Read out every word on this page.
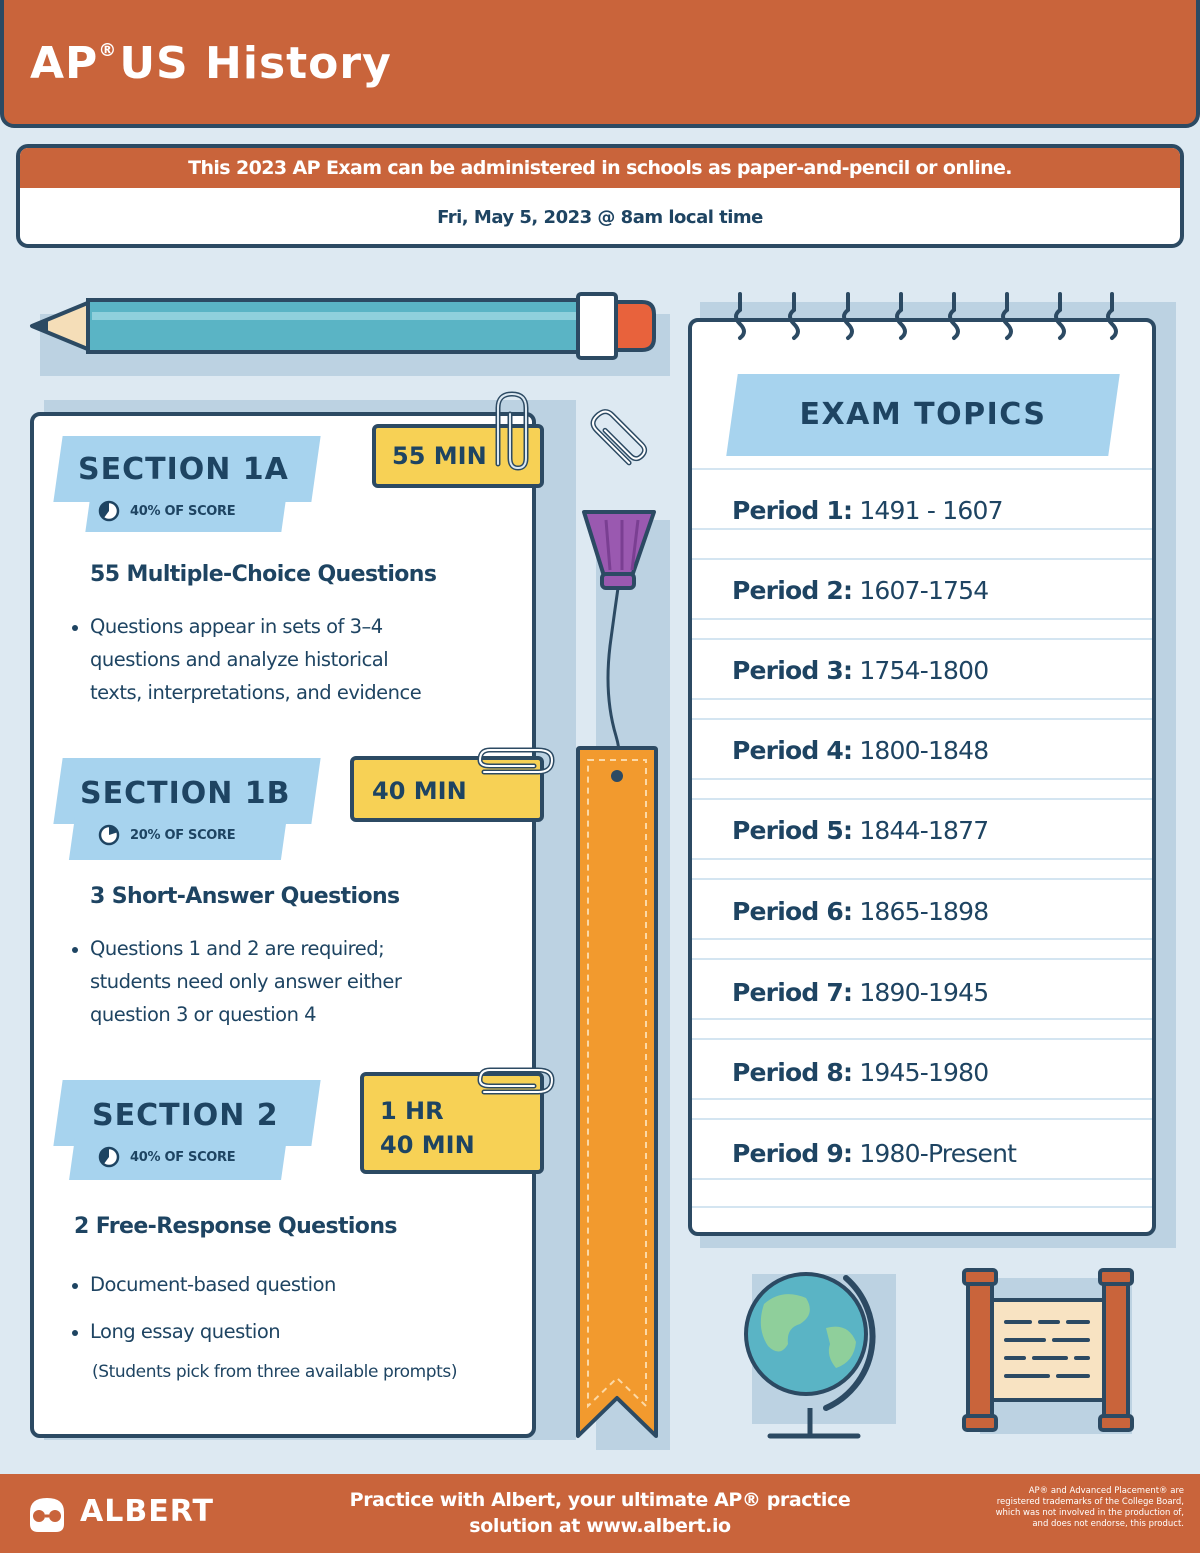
AP®US History
This 2023 AP Exam can be administered in schools as paper-and-pencil or online.
Fri, May 5, 2023 @ 8am local time
SECTION 1A
40% OF SCORE
55 MIN
55 Multiple-Choice Questions
Questions appear in sets of 3–4
questions and analyze historical
texts, interpretations, and evidence
SECTION 1B
20% OF SCORE
40 MIN
3 Short-Answer Questions
Questions 1 and 2 are required;
students need only answer either
question 3 or question 4
SECTION 2
40% OF SCORE
1 HR
40 MIN
2 Free-Response Questions
Document-based question
Long essay question
(Students pick from three available prompts)
EXAM TOPICS
Period 1: 1491 - 1607
Period 2: 1607-1754
Period 3: 1754-1800
Period 4: 1800-1848
Period 5: 1844-1877
Period 6: 1865-1898
Period 7: 1890-1945
Period 8: 1945-1980
Period 9: 1980-Present
ALBERT	Practice with Albert, your ultimate AP® practice
solution at www.albert.io
AP® and Advanced Placement® are
registered trademarks of the College Board,
which was not involved in the production of,
and does not endorse, this product.
